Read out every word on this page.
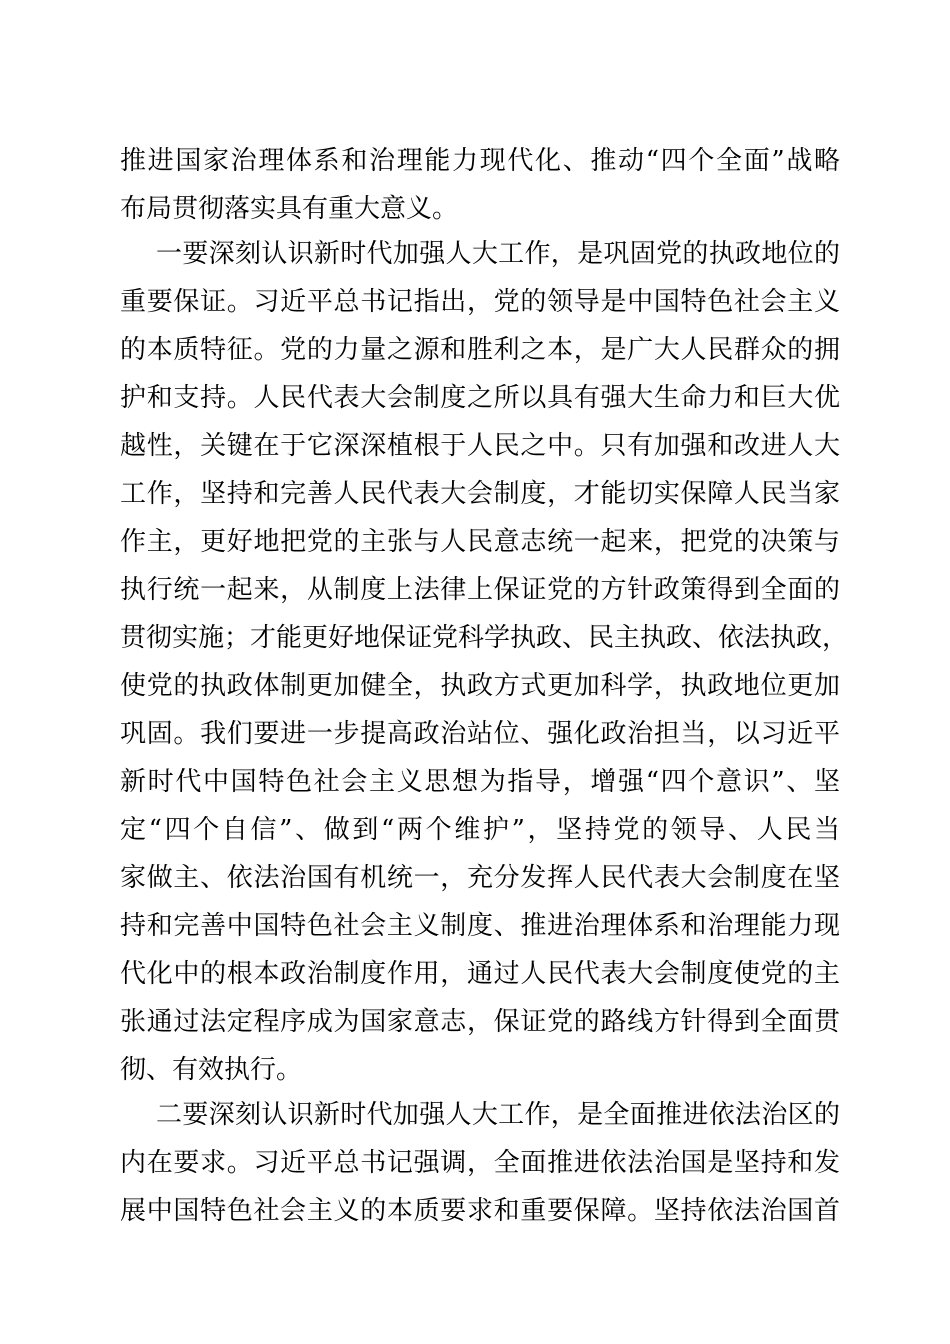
推进国家治理体系和治理能力现代化、推动“四个全面”战略
布局贯彻落实具有重大意义。
一要深刻认识新时代加强人大工作，是巩固党的执政地位的
重要保证。习近平总书记指出，党的领导是中国特色社会主义
的本质特征。党的力量之源和胜利之本，是广大人民群众的拥
护和支持。人民代表大会制度之所以具有强大生命力和巨大优
越性，关键在于它深深植根于人民之中。只有加强和改进人大
工作，坚持和完善人民代表大会制度，才能切实保障人民当家
作主，更好地把党的主张与人民意志统一起来，把党的决策与
执行统一起来，从制度上法律上保证党的方针政策得到全面的
贯彻实施；才能更好地保证党科学执政、民主执政、依法执政，
使党的执政体制更加健全，执政方式更加科学，执政地位更加
巩固。我们要进一步提高政治站位、强化政治担当，以习近平
新时代中国特色社会主义思想为指导，增强“四个意识”、坚
定“四个自信”、做到“两个维护”，坚持党的领导、人民当
家做主、依法治国有机统一，充分发挥人民代表大会制度在坚
持和完善中国特色社会主义制度、推进治理体系和治理能力现
代化中的根本政治制度作用，通过人民代表大会制度使党的主
张通过法定程序成为国家意志，保证党的路线方针得到全面贯
彻、有效执行。
二要深刻认识新时代加强人大工作，是全面推进依法治区的
内在要求。习近平总书记强调，全面推进依法治国是坚持和发
展中国特色社会主义的本质要求和重要保障。坚持依法治国首
